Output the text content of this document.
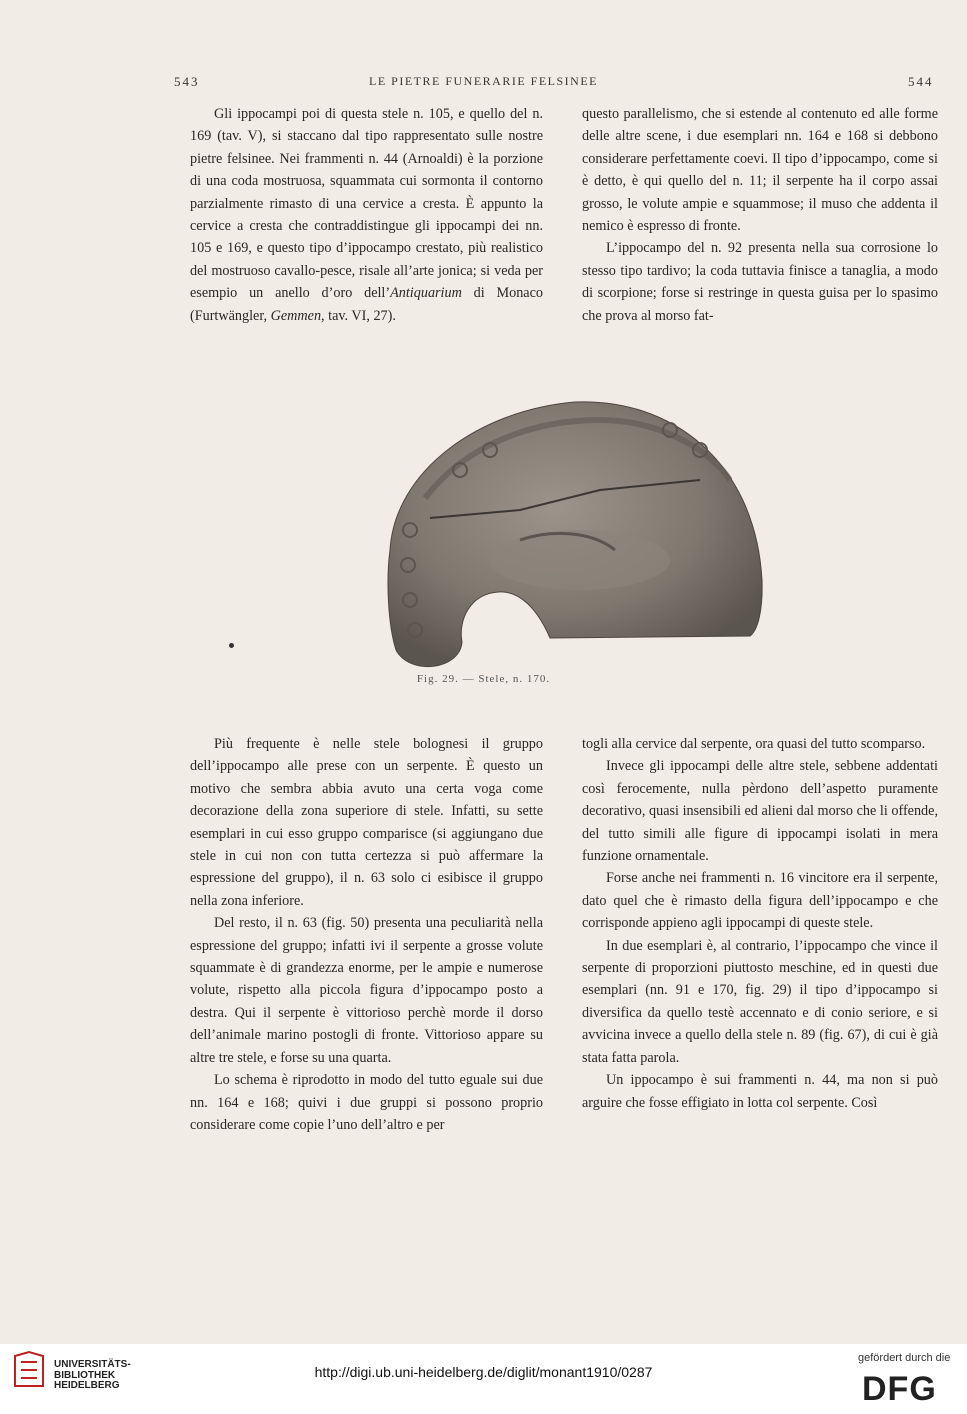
543	LE PIETRE FUNERARIE FELSINEE	544

Gli ippocampi poi di questa stele n. 105, e quello del n. 169 (tav. V), si staccano dal tipo rappresentato sulle nostre pietre felsinee. Nei frammenti n. 44 (Arnoaldi) è la porzione di una coda mostruosa, squammata cui sormonta il contorno parzialmente rimasto di una cervice a cresta. È appunto la cervice a cresta che contraddistingue gli ippocampi dei nn. 105 e 169, e questo tipo d’ippocampo crestato, più realistico del mostruoso cavallo-pesce, risale all’arte jonica; si veda per esempio un anello d’oro dell’Antiquarium di Monaco (Furtwängler, Gemmen, tav. VI, 27).

questo parallelismo, che si estende al contenuto ed alle forme delle altre scene, i due esemplari nn. 164 e 168 si debbono considerare perfettamente coevi. Il tipo d’ippocampo, come si è detto, è qui quello del n. 11; il serpente ha il corpo assai grosso, le volute ampie e squammose; il muso che addenta il nemico è espresso di fronte.

L’ippocampo del n. 92 presenta nella sua corrosione lo stesso tipo tardivo; la coda tuttavia finisce a tanaglia, a modo di scorpione; forse si restringe in questa guisa per lo spasimo che prova al morso fat-

Fig. 29. — Stele, n. 170.

Più frequente è nelle stele bolognesi il gruppo dell’ippocampo alle prese con un serpente. È questo un motivo che sembra abbia avuto una certa voga come decorazione della zona superiore di stele. Infatti, su sette esemplari in cui esso gruppo comparisce (si aggiungano due stele in cui non con tutta certezza si può affermare la espressione del gruppo), il n. 63 solo ci esibisce il gruppo nella zona inferiore.

Del resto, il n. 63 (fig. 50) presenta una peculiarità nella espressione del gruppo; infatti ivi il serpente a grosse volute squammate è di grandezza enorme, per le ampie e numerose volute, rispetto alla piccola figura d’ippocampo posto a destra. Qui il serpente è vittorioso perchè morde il dorso dell’animale marino postogli di fronte. Vittorioso appare su altre tre stele, e forse su una quarta.

Lo schema è riprodotto in modo del tutto eguale sui due nn. 164 e 168; quivi i due gruppi si possono proprio considerare come copie l’uno dell’altro e per

togli alla cervice dal serpente, ora quasi del tutto scomparso.

Invece gli ippocampi delle altre stele, sebbene addentati così ferocemente, nulla pèrdono dell’aspetto puramente decorativo, quasi insensibili ed alieni dal morso che li offende, del tutto simili alle figure di ippocampi isolati in mera funzione ornamentale.

Forse anche nei frammenti n. 16 vincitore era il serpente, dato quel che è rimasto della figura dell’ippocampo e che corrisponde appieno agli ippocampi di queste stele.

In due esemplari è, al contrario, l’ippocampo che vince il serpente di proporzioni piuttosto meschine, ed in questi due esemplari (nn. 91 e 170, fig. 29) il tipo d’ippocampo si diversifica da quello testè accennato e di conio seriore, e si avvicina invece a quello della stele n. 89 (fig. 67), di cui è già stata fatta parola.

Un ippocampo è sui frammenti n. 44, ma non si può arguire che fosse effigiato in lotta col serpente. Così

UNIVERSITÄTS-
BIBLIOTHEK
HEIDELBERG
http://digi.ub.uni-heidelberg.de/diglit/monant1910/0287
gefördert durch die
DFG
